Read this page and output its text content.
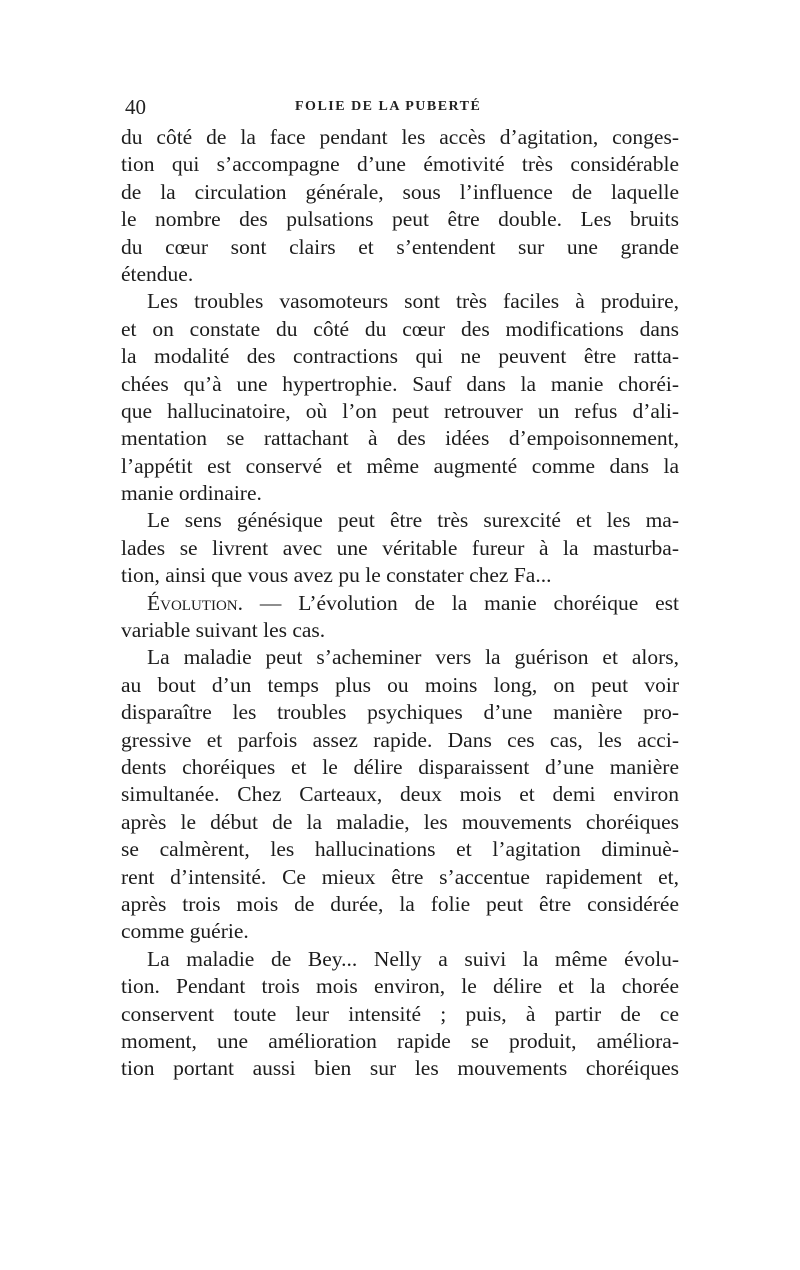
40	FOLIE DE LA PUBERTÉ
du côté de la face pendant les accès d’agitation, conges-
tion qui s’accompagne d’une émotivité très considérable
de la circulation générale, sous l’influence de laquelle
le nombre des pulsations peut être double. Les bruits
du cœur sont clairs et s’entendent sur une grande
étendue.
Les troubles vasomoteurs sont très faciles à produire,
et on constate du côté du cœur des modifications dans
la modalité des contractions qui ne peuvent être ratta-
chées qu’à une hypertrophie. Sauf dans la manie choréi-
que hallucinatoire, où l’on peut retrouver un refus d’ali-
mentation se rattachant à des idées d’empoisonnement,
l’appétit est conservé et même augmenté comme dans la
manie ordinaire.
Le sens génésique peut être très surexcité et les ma-
lades se livrent avec une véritable fureur à la masturba-
tion, ainsi que vous avez pu le constater chez Fa...
Évolution. — L’évolution de la manie choréique est
variable suivant les cas.
La maladie peut s’acheminer vers la guérison et alors,
au bout d’un temps plus ou moins long, on peut voir
disparaître les troubles psychiques d’une manière pro-
gressive et parfois assez rapide. Dans ces cas, les acci-
dents choréiques et le délire disparaissent d’une manière
simultanée. Chez Carteaux, deux mois et demi environ
après le début de la maladie, les mouvements choréiques
se calmèrent, les hallucinations et l’agitation diminuè-
rent d’intensité. Ce mieux être s’accentue rapidement et,
après trois mois de durée, la folie peut être considérée
comme guérie.
La maladie de Bey... Nelly a suivi la même évolu-
tion. Pendant trois mois environ, le délire et la chorée
conservent toute leur intensité ; puis, à partir de ce
moment, une amélioration rapide se produit, améliora-
tion portant aussi bien sur les mouvements choréiques
